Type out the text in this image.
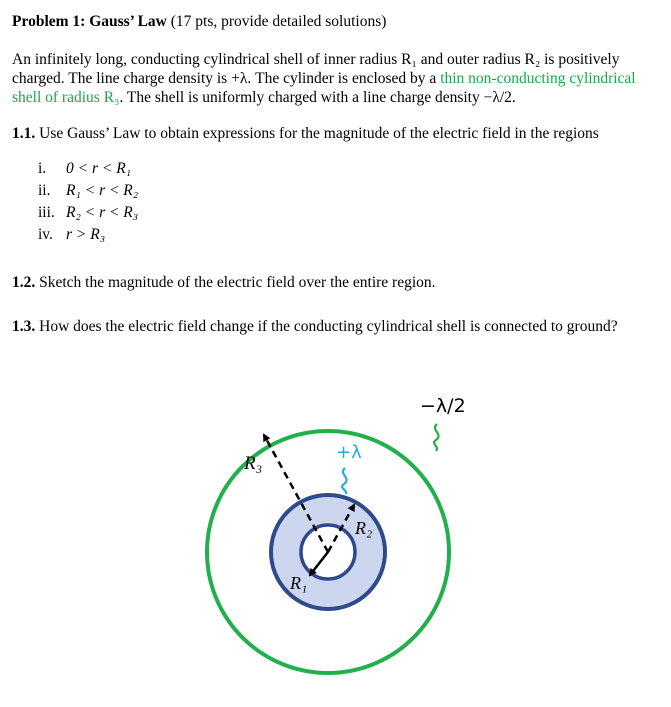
Problem 1: Gauss’ Law (17 pts, provide detailed solutions)
An infinitely long, conducting cylindrical shell of inner radius R₁ and outer radius R₂ is positively charged. The line charge density is +λ. The cylinder is enclosed by a thin non-conducting cylindrical shell of radius R₃. The shell is uniformly charged with a line charge density −λ/2.
1.1. Use Gauss’ Law to obtain expressions for the magnitude of the electric field in the regions
i.	0 < r < R₁
ii.	R₁ < r < R₂
iii. R₂ < r < R₃
iv. r > R₃
1.2. Sketch the magnitude of the electric field over the entire region.
1.3. How does the electric field change if the conducting cylindrical shell is connected to ground?
−λ/2
+λ
R₃
R₂
R₁
